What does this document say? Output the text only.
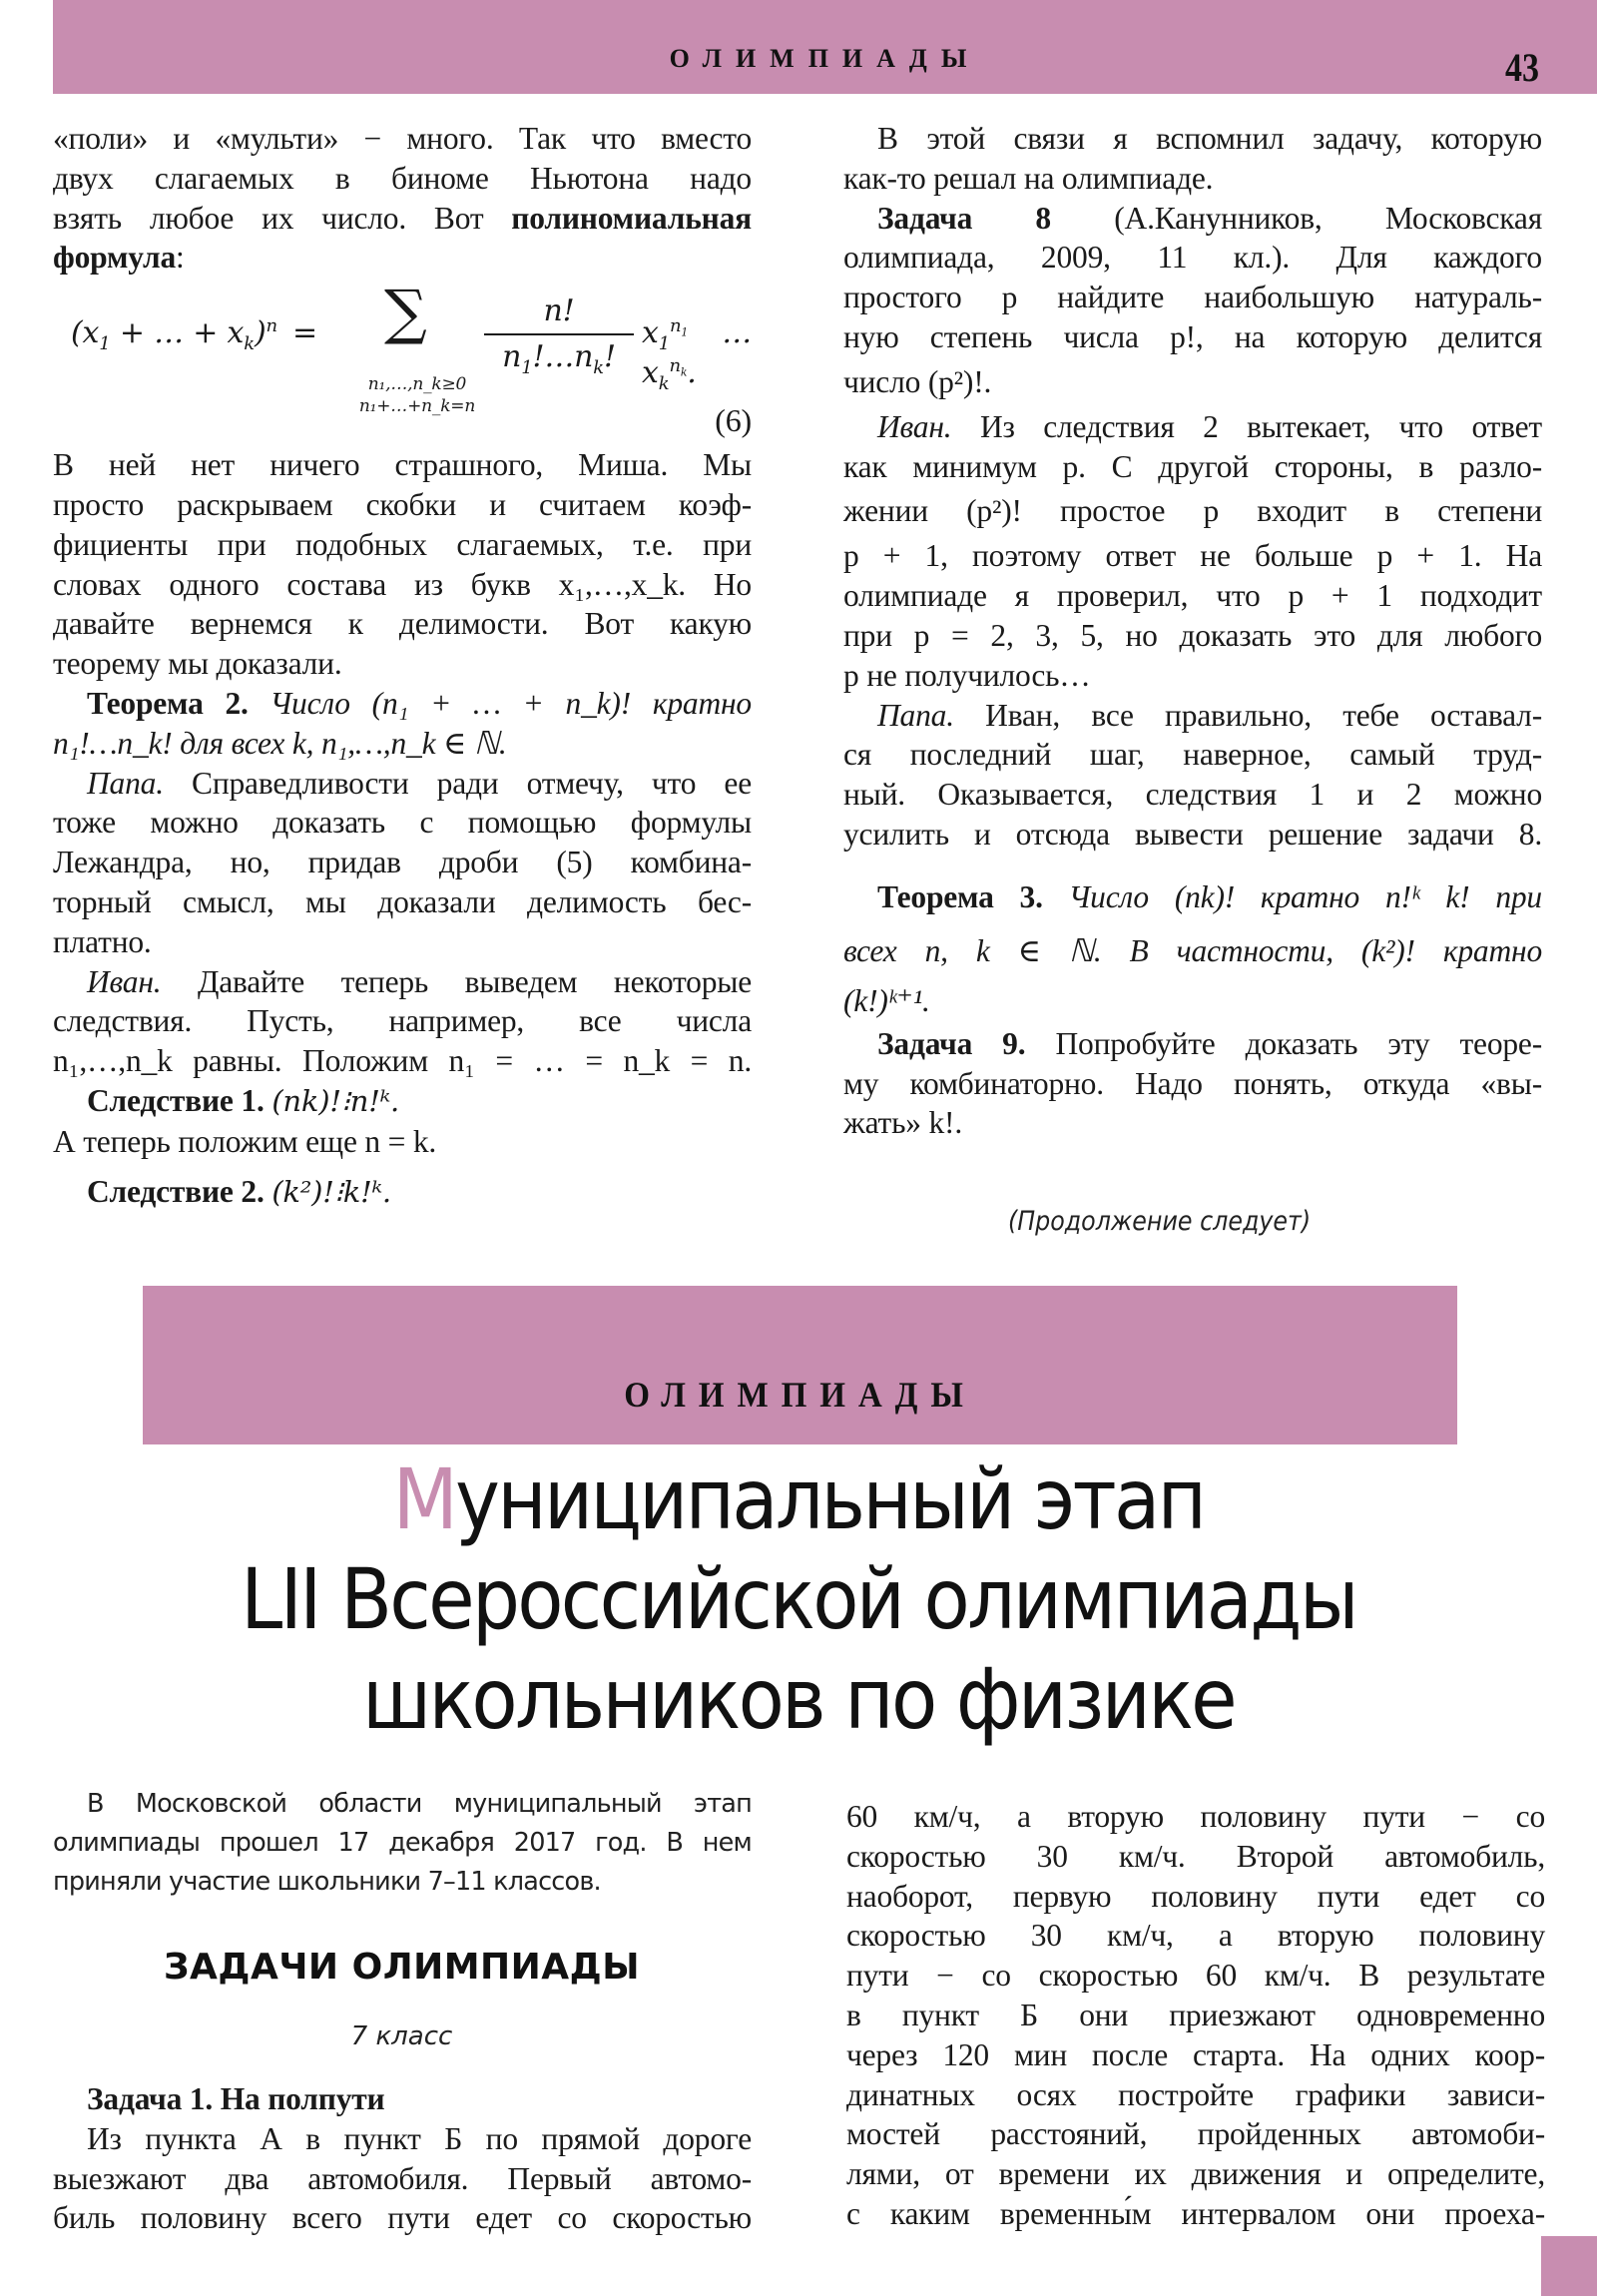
ОЛИМПИАДЫ	43

«поли» и «мульти» − много. Так что вместо
двух слагаемых в биноме Ньютона надо
взять любое их число. Вот полиномиальная
формула:

($x_1$ + … + $x_k)^n$ = ∑
n₁,…,n_k≥0
n₁+…+n_k=n
$\frac{n!}{n_1!\dots n_k!} x_1^{n_1}$ $\dots x_k^{n_k}$.
(6)

В ней нет ничего страшного, Миша. Мы
просто раскрываем скобки и считаем коэф-
фициенты при подобных слагаемых, т.е. при
словах одного состава из букв x₁,…,x_k. Но
давайте вернемся к делимости. Вот какую
теорему мы доказали.

Теорема 2. Число (n₁ + … + n_k)! кратно
n₁!…n_k! для всех k, n₁,…,n_k ∈ ℕ.

Папа. Справедливости ради отмечу, что ее
тоже можно доказать с помощью формулы
Лежандра, но, придав дроби (5) комбина-
торный смысл, мы доказали делимость бес-
платно.

Иван. Давайте теперь выведем некоторые
следствия. Пусть, например, все числа
n₁,…,n_k равны. Положим n₁ = … = n_k = n.

Следствие 1. (nk)!⁝n!ᵏ.

А теперь положим еще n = k.

Следствие 2. (k²)!⁝k!ᵏ.

В этой связи я вспомнил задачу, которую
как-то решал на олимпиаде.

Задача 8 (А.Канунников, Московская
олимпиада, 2009, 11 кл.). Для каждого
простого p найдите наибольшую натураль-
ную степень числа p!, на которую делится
число (p²)!.

Иван. Из следствия 2 вытекает, что ответ
как минимум p. С другой стороны, в разло-
жении (p²)! простое p входит в степени
p + 1, поэтому ответ не больше p + 1. На
олимпиаде я проверил, что p + 1 подходит
при p = 2, 3, 5, но доказать это для любого
p не получилось…

Папа. Иван, все правильно, тебе оставал-
ся последний шаг, наверное, самый труд-
ный. Оказывается, следствия 1 и 2 можно
усилить и отсюда вывести решение задачи 8.

Теорема 3. Число (nk)! кратно n!ᵏ k! при
всех n, k ∈ ℕ. В частности, (k²)! кратно
(k!)ᵏ⁺¹.

Задача 9. Попробуйте доказать эту теоре-
му комбинаторно. Надо понять, откуда «вы-
жать» k!.

(Продолжение следует)
ОЛИМПИАДЫ
Муниципальный этап
LII Всероссийской олимпиады
школьников по физике
В Московской области муниципальный этап
олимпиады прошел 17 декабря 2017 год. В нем
приняли участие школьники 7–11 классов.
ЗАДАЧИ ОЛИМПИАДЫ
7 класс

Задача 1. На полпути

Из пункта А в пункт Б по прямой дороге
выезжают два автомобиля. Первый автомо-
биль половину всего пути едет со скоростью

60 км/ч, а вторую половину пути − со
скоростью 30 км/ч. Второй автомобиль,
наоборот, первую половину пути едет со
скоростью 30 км/ч, а вторую половину
пути − со скоростью 60 км/ч. В результате
в пункт Б они приезжают одновременно
через 120 мин после старта. На одних коор-
динатных осях постройте графики зависи-
мостей расстояний, пройденных автомоби-
лями, от времени их движения и определите,
с каким временны́м интервалом они проеха-
